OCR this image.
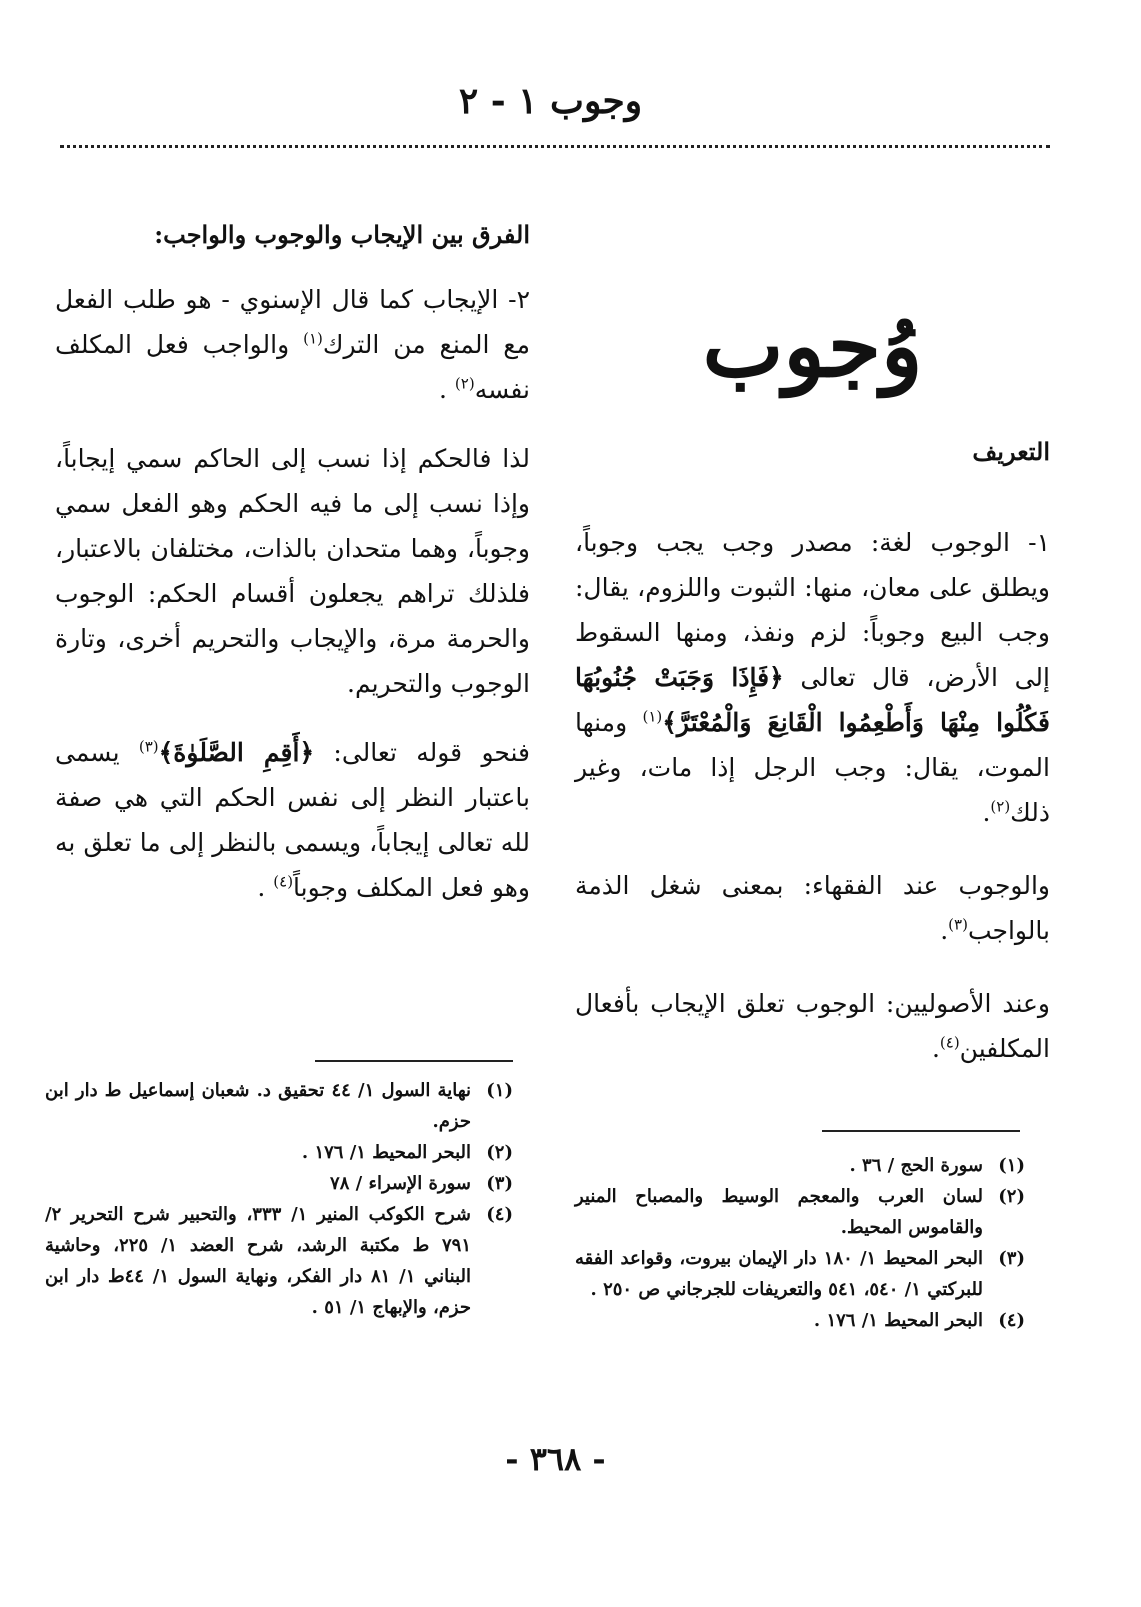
وجوب ١ - ٢
وُجوب
التعريف

١- الوجوب لغة: مصدر وجب يجب وجوباً، ويطلق على معان، منها: الثبوت واللزوم، يقال: وجب البيع وجوباً: لزم ونفذ، ومنها السقوط إلى الأرض، قال تعالى ﴿فَإِذَا وَجَبَتْ جُنُوبُهَا فَكُلُوا مِنْهَا وَأَطْعِمُوا الْقَانِعَ وَالْمُعْتَرَّ﴾$^{(١)}$ ومنها الموت، يقال: وجب الرجل إذا مات، وغير ذلك$^{(٢)}$.

والوجوب عند الفقهاء: بمعنى شغل الذمة بالواجب$^{(٣)}$.

وعند الأصوليين: الوجوب تعلق الإيجاب بأفعال المكلفين$^{(٤)}$.

(١)
سورة الحج / ٣٦ .
(٢)
لسان العرب والمعجم الوسيط والمصباح المنير والقاموس المحيط.
(٣)
البحر المحيط ١/ ١٨٠ دار الإيمان بيروت، وقواعد الفقه للبركتي ١/ ٥٤٠، ٥٤١ والتعريفات للجرجاني ص ٢٥٠ .
(٤)
البحر المحيط ١/ ١٧٦ .
الفرق بين الإيجاب والوجوب والواجب:

٢- الإيجاب كما قال الإسنوي - هو طلب الفعل مع المنع من الترك$^{(١)}$ والواجب فعل المكلف نفسه$^{(٢)}$ .

لذا فالحكم إذا نسب إلى الحاكم سمي إيجاباً، وإذا نسب إلى ما فيه الحكم وهو الفعل سمي وجوباً، وهما متحدان بالذات، مختلفان بالاعتبار، فلذلك تراهم يجعلون أقسام الحكم: الوجوب والحرمة مرة، والإيجاب والتحريم أخرى، وتارة الوجوب والتحريم.

فنحو قوله تعالى: ﴿أَقِمِ الصَّلَوٰةَ﴾$^{(٣)}$ يسمى باعتبار النظر إلى نفس الحكم التي هي صفة لله تعالى إيجاباً، ويسمى بالنظر إلى ما تعلق به وهو فعل المكلف وجوباً$^{(٤)}$ .

(١)
نهاية السول ١/ ٤٤ تحقيق د. شعبان إسماعيل ط دار ابن حزم.
(٢)
البحر المحيط ١/ ١٧٦ .
(٣)
سورة الإسراء / ٧٨
(٤)
شرح الكوكب المنير ١/ ٣٣٣، والتحبير شرح التحرير ٢/ ٧٩١ ط مكتبة الرشد، شرح العضد ١/ ٢٢٥، وحاشية البناني ١/ ٨١ دار الفكر، ونهاية السول ١/ ٤٤ط دار ابن حزم، والإبهاج ١/ ٥١ .
- ٣٦٨ -
